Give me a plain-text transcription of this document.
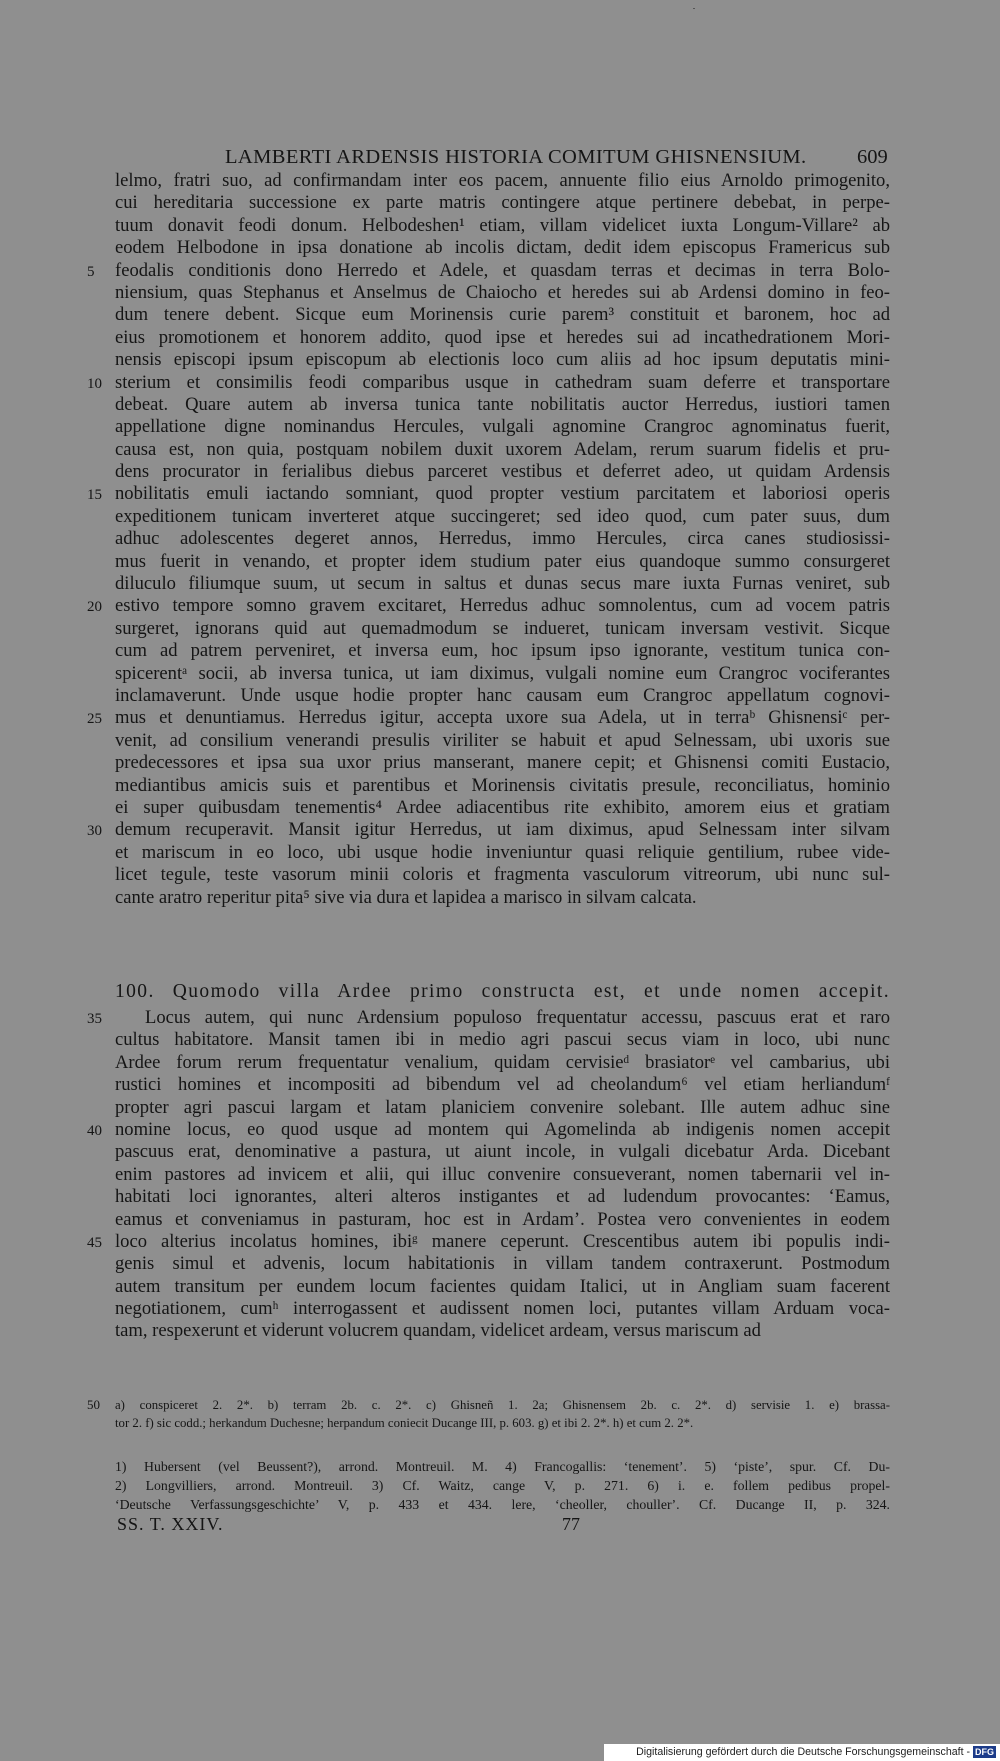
LAMBERTI ARDENSIS HISTORIA COMITUM GHISNENSIUM.	609
lelmo, fratri suo, ad confirmandam inter eos pacem, annuente filio eius Arnoldo primogenito,
cui hereditaria successione ex parte matris contingere atque pertinere debebat, in perpe-
tuum donavit feodi donum. Helbodeshen¹ etiam, villam videlicet iuxta Longum-Villare² ab
eodem Helbodone in ipsa donatione ab incolis dictam, dedit idem episcopus Framericus sub
5	feodalis conditionis dono Herredo et Adele, et quasdam terras et decimas in terra Bolo-
niensium, quas Stephanus et Anselmus de Chaiocho et heredes sui ab Ardensi domino in feo-
dum tenere debent. Sicque eum Morinensis curie parem³ constituit et baronem, hoc ad
eius promotionem et honorem addito, quod ipse et heredes sui ad incathedrationem Mori-
nensis episcopi ipsum episcopum ab electionis loco cum aliis ad hoc ipsum deputatis mini-
10 sterium et consimilis feodi comparibus usque in cathedram suam deferre et transportare
debeat. Quare autem ab inversa tunica tante nobilitatis auctor Herredus, iustiori tamen
appellatione digne nominandus Hercules, vulgali agnomine Crangroc agnominatus fuerit,
causa est, non quia, postquam nobilem duxit uxorem Adelam, rerum suarum fidelis et pru-
dens procurator in ferialibus diebus parceret vestibus et deferret adeo, ut quidam Ardensis
15 nobilitatis emuli iactando somniant, quod propter vestium parcitatem et laboriosi operis
expeditionem tunicam inverteret atque succingeret; sed ideo quod, cum pater suus, dum
adhuc adolescentes degeret annos, Herredus, immo Hercules, circa canes studiosissi-
mus fuerit in venando, et propter idem studium pater eius quandoque summo consurgeret
diluculo filiumque suum, ut secum in saltus et dunas secus mare iuxta Furnas veniret, sub
20 estivo tempore somno gravem excitaret, Herredus adhuc somnolentus, cum ad vocem patris
surgeret, ignorans quid aut quemadmodum se indueret, tunicam inversam vestivit. Sicque
cum ad patrem perveniret, et inversa eum, hoc ipsum ipso ignorante, vestitum tunica con-
spicerentᵃ socii, ab inversa tunica, ut iam diximus, vulgali nomine eum Crangroc vociferantes
inclamaverunt. Unde usque hodie propter hanc causam eum Crangroc appellatum cognovi-
25 mus et denuntiamus. Herredus igitur, accepta uxore sua Adela, ut in terraᵇ Ghisnensiᶜ per-
venit, ad consilium venerandi presulis viriliter se habuit et apud Selnessam, ubi uxoris sue
predecessores et ipsa sua uxor prius manserant, manere cepit; et Ghisnensi comiti Eustacio,
mediantibus amicis suis et parentibus et Morinensis civitatis presule, reconciliatus, hominio
ei super quibusdam tenementis⁴ Ardee adiacentibus rite exhibito, amorem eius et gratiam
30 demum recuperavit. Mansit igitur Herredus, ut iam diximus, apud Selnessam inter silvam
et mariscum in eo loco, ubi usque hodie inveniuntur quasi reliquie gentilium, rubee vide-
licet tegule, teste vasorum minii coloris et fragmenta vasculorum vitreorum, ubi nunc sul-
cante aratro reperitur pita⁵ sive via dura et lapidea a marisco in silvam calcata.
100. Quomodo villa Ardee primo constructa est, et unde nomen accepit.
35	Locus autem, qui nunc Ardensium populoso frequentatur accessu, pascuus erat et raro
cultus habitatore. Mansit tamen ibi in medio agri pascui secus viam in loco, ubi nunc
Ardee forum rerum frequentatur venalium, quidam cervisieᵈ brasiatorᵉ vel cambarius, ubi
rustici homines et incompositi ad bibendum vel ad cheolandum⁶ vel etiam herliandumᶠ
propter agri pascui largam et latam planiciem convenire solebant. Ille autem adhuc sine
40 nomine locus, eo quod usque ad montem qui Agomelinda ab indigenis nomen accepit
pascuus erat, denominative a pastura, ut aiunt incole, in vulgali dicebatur Arda. Dicebant
enim pastores ad invicem et alii, qui illuc convenire consueverant, nomen tabernarii vel in-
habitati loci ignorantes, alteri alteros instigantes et ad ludendum provocantes: ‘Eamus,
eamus et conveniamus in pasturam, hoc est in Ardam’. Postea vero convenientes in eodem
45 loco alterius incolatus homines, ibiᵍ manere ceperunt. Crescentibus autem ibi populis indi-
genis simul et advenis, locum habitationis in villam tandem contraxerunt. Postmodum
autem transitum per eundem locum facientes quidam Italici, ut in Angliam suam facerent
negotiationem, cumʰ interrogassent et audissent nomen loci, putantes villam Arduam voca-
tam, respexerunt et viderunt volucrem quandam, videlicet ardeam, versus mariscum ad
50 a) conspiceret 2. 2*. b) terram 2b. c. 2*. c) Ghisneñ 1. 2a; Ghisnensem 2b. c. 2*. d) servisie 1. e) brassa-
tor 2. f) sic codd.; herkandum Duchesne; herpandum coniecit Ducange III, p. 603. g) et ibi 2. 2*. h) et cum 2. 2*.
1) Hubersent (vel Beussent?), arrond. Montreuil. M. 4) Francogallis: ‘tenement’. 5) ‘piste’, spur. Cf. Du-
2) Longvilliers, arrond. Montreuil. 3) Cf. Waitz, cange V, p. 271. 6) i. e. follem pedibus propel-
‘Deutsche Verfassungsgeschichte’ V, p. 433 et 434. lere, ‘cheoller, choullerʼ. Cf. Ducange II, p. 324.
SS. T. XXIV.	77
Digitalisierung gefördert durch die Deutsche Forschungsgemeinschaft - DFG
